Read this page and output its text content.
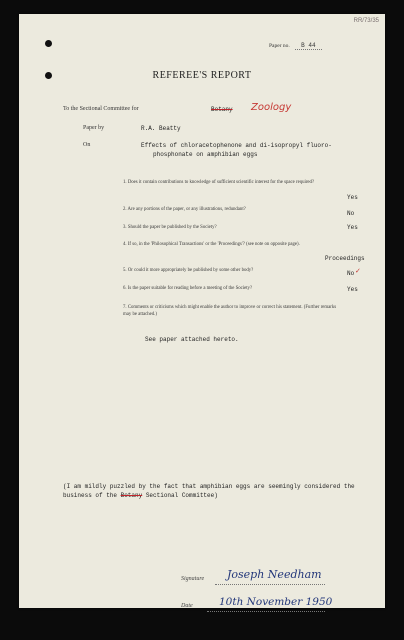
RR/73/35
Paper no. B 44
REFEREE'S REPORT
To the Sectional Committee for	Botany	Zoology
Paper by	R.A. Beatty
On	Effects of chloracetophenone and di-isopropyl fluoro-
phosphonate on amphibian eggs
1. Does it contain contributions to knowledge of sufficient scientific interest for the space required?
Yes
2. Are any portions of the paper, or any illustrations, redundant?
No
3. Should the paper be published by the Society?	Yes
4. If so, in the 'Philosophical Transactions' or the 'Proceedings'? (see note on opposite page).
Proceedings
5. Or could it more appropriately be published by some other body?	No ✓
6. Is the paper suitable for reading before a meeting of the Society?	Yes
7. Comments or criticisms which might enable the author to improve or correct his statement. (Further remarks may be attached.)
See paper attached hereto.
(I am mildly puzzled by the fact that amphibian eggs are seemingly considered the business of the Botany Sectional Committee)
Signature Joseph Needham
Date	10th November 1950
